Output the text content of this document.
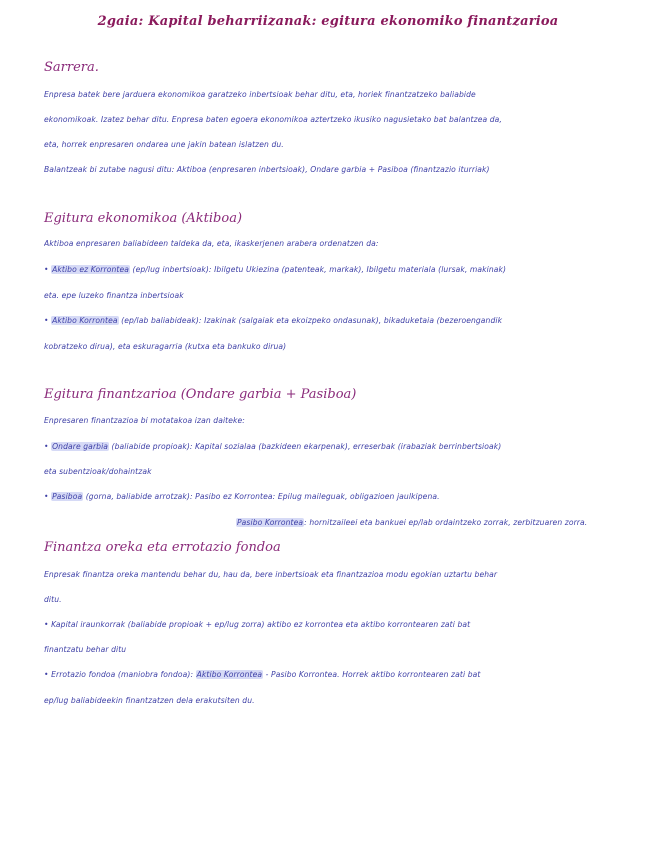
2gaia: Kapital beharriizanak: egitura ekonomiko finantzarioa
Sarrera.
Enpresa batek bere jarduera ekonomikoa garatzeko inbertsioak behar ditu, eta, horiek finantzatzeko baliabide
ekonomikoak. Izatez behar ditu. Enpresa baten egoera ekonomikoa aztertzeko ikusiko nagusietako bat balantzea da,
eta, horrek enpresaren ondarea une jakin batean islatzen du.
Balantzeak bi zutabe nagusi ditu: Aktiboa (enpresaren inbertsioak), Ondare garbia + Pasiboa (finantzazio iturriak)
Egitura ekonomikoa (Aktiboa)
Aktiboa enpresaren baliabideen taldeka da, eta, ikaskerjenen arabera ordenatzen da:
• Aktibo ez Korrontea (ep/lug inbertsioak): Ibilgetu Ukiezina (patenteak, markak), Ibilgetu materiala (lursak, makinak)
eta. epe luzeko finantza inbertsioak
• Aktibo Korrontea (ep/lab baliabideak): Izakinak (salgaiak eta ekoizpeko ondasunak), bikaduketaia (bezeroengandik
kobratzeko dirua), eta eskuragarria (kutxa eta bankuko dirua)
Egitura finantzarioa (Ondare garbia + Pasiboa)
Enpresaren finantzazioa bi motatakoa izan daiteke:
• Ondare garbia (baliabide propioak): Kapital sozialaa (bazkideen ekarpenak), erreserbak (irabaziak berrinbertsioak)
eta subentzioak/dohaintzak
• Pasiboa (gorna, baliabide arrotzak): Pasibo ez Korrontea: Epilug maileguak, obligazioen jaulkipena.
Pasibo Korrontea: hornitzaileei eta bankuei ep/lab ordaintzeko zorrak, zerbitzuaren zorra.
Finantza oreka eta errotazio fondoa
Enpresak finantza oreka mantendu behar du, hau da, bere inbertsioak eta finantzazioa modu egokian uztartu behar
ditu.
• Kapital iraunkorrak (baliabide propioak + ep/lug zorra) aktibo ez korrontea eta aktibo korrontearen zati bat
finantzatu behar ditu
• Errotazio fondoa (maniobra fondoa): Aktibo Korrontea - Pasibo Korrontea. Horrek aktibo korrontearen zati bat
ep/lug baliabideekin finantzatzen dela erakutsiten du.
